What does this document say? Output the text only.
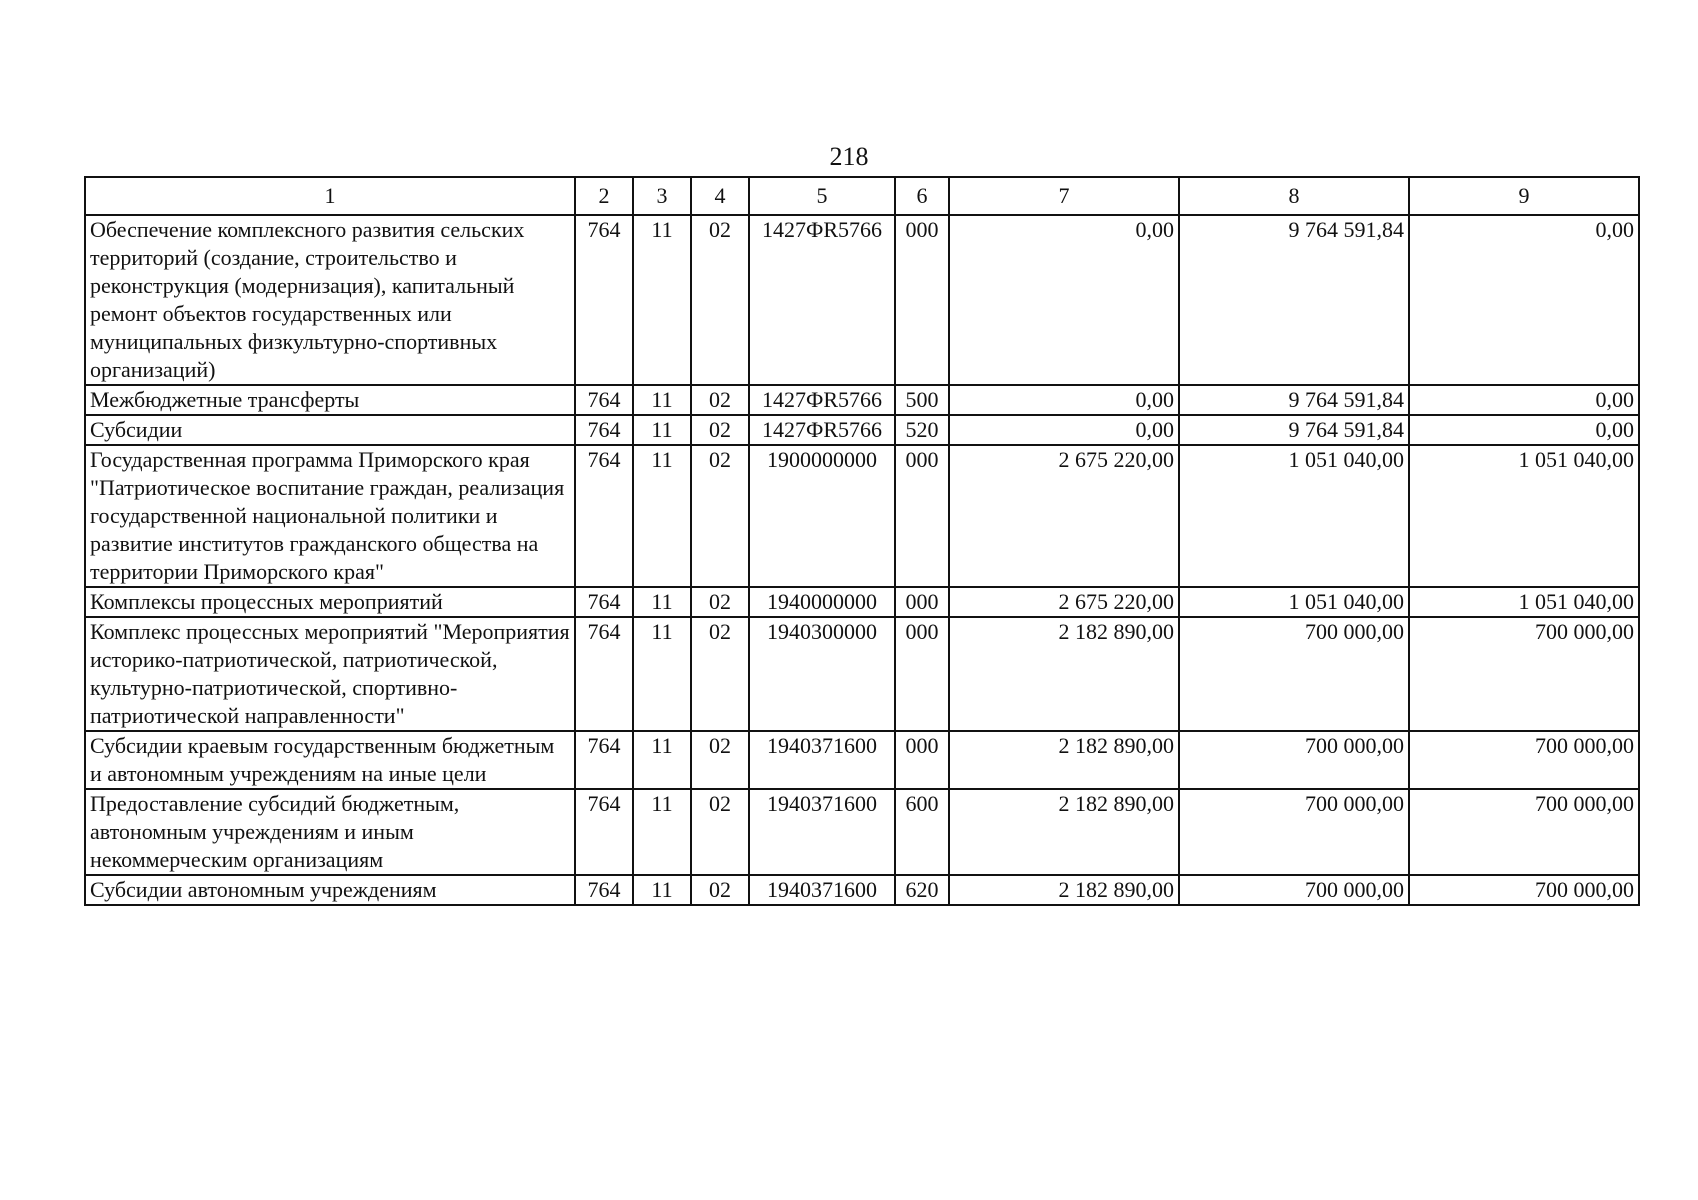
218
1	2	3	4	5	6	7	8	9
Обеспечение комплексного развития сельских территорий (создание, строительство и реконструкция (модернизация), капитальный ремонт объектов государственных или муниципальных физкультурно-спортивных организаций)	764	11	02	1427ФR5766	000	0,00	9 764 591,84	0,00
Межбюджетные трансферты	764	11	02	1427ФR5766	500	0,00	9 764 591,84	0,00
Субсидии	764	11	02	1427ФR5766	520	0,00	9 764 591,84	0,00
Государственная программа Приморского края "Патриотическое воспитание граждан, реализация государственной национальной политики и развитие институтов гражданского общества на территории Приморского края"	764	11	02	1900000000	000	2 675 220,00	1 051 040,00	1 051 040,00
Комплексы процессных мероприятий	764	11	02	1940000000	000	2 675 220,00	1 051 040,00	1 051 040,00
Комплекс процессных мероприятий "Мероприятия историко-патриотической, патриотической, культурно-патриотической, спортивно-патриотической направленности"	764	11	02	1940300000	000	2 182 890,00	700 000,00	700 000,00
Субсидии краевым государственным бюджетным и автономным учреждениям на иные цели	764	11	02	1940371600	000	2 182 890,00	700 000,00	700 000,00
Предоставление субсидий бюджетным, автономным учреждениям и иным некоммерческим организациям	764	11	02	1940371600	600	2 182 890,00	700 000,00	700 000,00
Субсидии автономным учреждениям	764	11	02	1940371600	620	2 182 890,00	700 000,00	700 000,00
